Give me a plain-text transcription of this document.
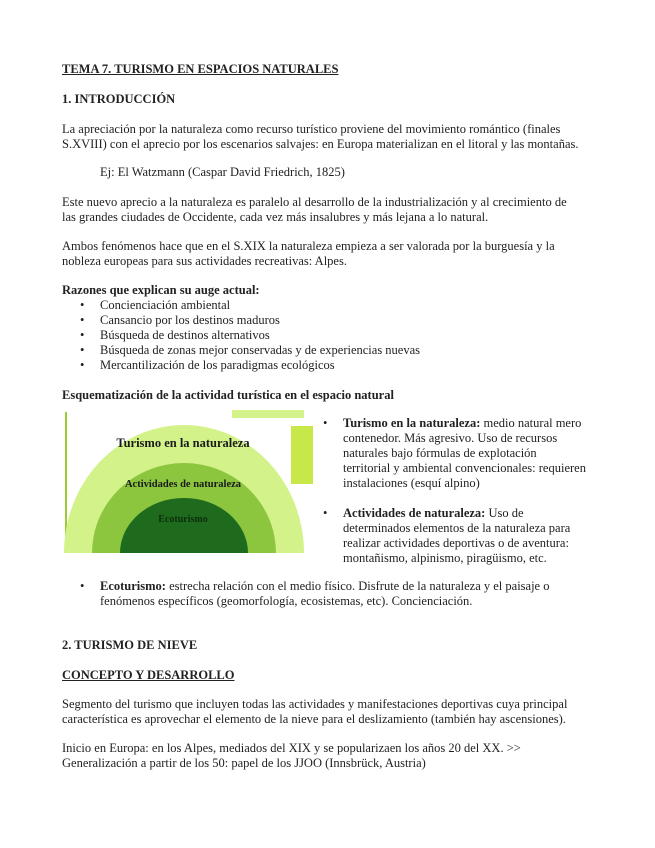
TEMA 7. TURISMO EN ESPACIOS NATURALES

1. INTRODUCCIÓN

La apreciación por la naturaleza como recurso turístico proviene del movimiento romántico (finales

S.XVIII) con el aprecio por los escenarios salvajes: en Europa materializan en el litoral y las montañas.

Ej: El Watzmann (Caspar David Friedrich, 1825)

Este nuevo aprecio a la naturaleza es paralelo al desarrollo de la industrialización y al crecimiento de

las grandes ciudades de Occidente, cada vez más insalubres y más lejana a lo natural.

Ambos fenómenos hace que en el S.XIX la naturaleza empieza a ser valorada por la burguesía y la

nobleza europeas para sus actividades recreativas: Alpes.

Razones que explican su auge actual:

• Concienciación ambiental
• Cansancio por los destinos maduros
• Búsqueda de destinos alternativos
• Búsqueda de zonas mejor conservadas y de experiencias nuevas
• Mercantilización de los paradigmas ecológicos

Esquematización de la actividad turística en el espacio natural

Turismo en la naturaleza
Actividades de naturaleza
Ecoturismo
• Turismo en la naturaleza: medio natural mero
contenedor. Más agresivo. Uso de recursos
naturales bajo fórmulas de explotación
territorial y ambiental convencionales: requieren
instalaciones (esquí alpino)
• Actividades de naturaleza: Uso de
determinados elementos de la naturaleza para
realizar actividades deportivas o de aventura:
montañismo, alpinismo, piragüismo, etc.
• Ecoturismo: estrecha relación con el medio físico. Disfrute de la naturaleza y el paisaje o
fenómenos específicos (geomorfología, ecosistemas, etc). Concienciación.

2. TURISMO DE NIEVE

CONCEPTO Y DESARROLLO

Segmento del turismo que incluyen todas las actividades y manifestaciones deportivas cuya principal

característica es aprovechar el elemento de la nieve para el deslizamiento (también hay ascensiones).

Inicio en Europa: en los Alpes, mediados del XIX y se popularizaen los años 20 del XX. >>

Generalización a partir de los 50: papel de los JJOO (Innsbrück, Austria)
